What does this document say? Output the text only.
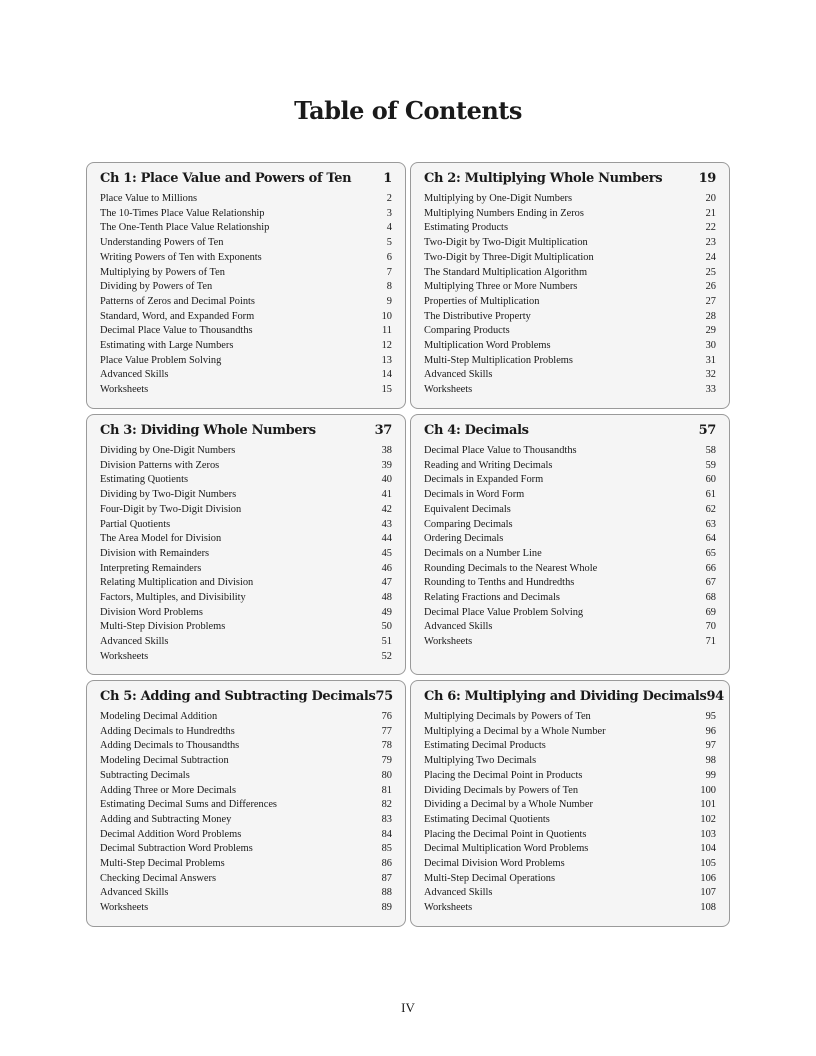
Table of Contents
Ch 1: Place Value and Powers of Ten 1
Place Value to Millions	2
The 10-Times Place Value Relationship	3
The One-Tenth Place Value Relationship	4
Understanding Powers of Ten	5
Writing Powers of Ten with Exponents	6
Multiplying by Powers of Ten	7
Dividing by Powers of Ten	8
Patterns of Zeros and Decimal Points	9
Standard, Word, and Expanded Form	10
Decimal Place Value to Thousandths	11
Estimating with Large Numbers	12
Place Value Problem Solving	13
Advanced Skills	14
Worksheets	15
Ch 2: Multiplying Whole Numbers	19
Multiplying by One-Digit Numbers	20
Multiplying Numbers Ending in Zeros	21
Estimating Products	22
Two-Digit by Two-Digit Multiplication	23
Two-Digit by Three-Digit Multiplication	24
The Standard Multiplication Algorithm	25
Multiplying Three or More Numbers	26
Properties of Multiplication	27
The Distributive Property	28
Comparing Products	29
Multiplication Word Problems	30
Multi-Step Multiplication Problems	31
Advanced Skills	32
Worksheets	33
Ch 3: Dividing Whole Numbers	37
Dividing by One-Digit Numbers	38
Division Patterns with Zeros	39
Estimating Quotients	40
Dividing by Two-Digit Numbers	41
Four-Digit by Two-Digit Division	42
Partial Quotients	43
The Area Model for Division	44
Division with Remainders	45
Interpreting Remainders	46
Relating Multiplication and Division	47
Factors, Multiples, and Divisibility	48
Division Word Problems	49
Multi-Step Division Problems	50
Advanced Skills	51
Worksheets	52
Ch 4: Decimals	57
Decimal Place Value to Thousandths	58
Reading and Writing Decimals	59
Decimals in Expanded Form	60
Decimals in Word Form	61
Equivalent Decimals	62
Comparing Decimals	63
Ordering Decimals	64
Decimals on a Number Line	65
Rounding Decimals to the Nearest Whole	66
Rounding to Tenths and Hundredths	67
Relating Fractions and Decimals	68
Decimal Place Value Problem Solving	69
Advanced Skills	70
Worksheets	71
Ch 5: Adding and Subtracting Decimals 75
Modeling Decimal Addition	76
Adding Decimals to Hundredths	77
Adding Decimals to Thousandths	78
Modeling Decimal Subtraction	79
Subtracting Decimals	80
Adding Three or More Decimals	81
Estimating Decimal Sums and Differences	82
Adding and Subtracting Money	83
Decimal Addition Word Problems	84
Decimal Subtraction Word Problems	85
Multi-Step Decimal Problems	86
Checking Decimal Answers	87
Advanced Skills	88
Worksheets	89
Ch 6: Multiplying and Dividing Decimals 94
Multiplying Decimals by Powers of Ten	95
Multiplying a Decimal by a Whole Number	96
Estimating Decimal Products	97
Multiplying Two Decimals	98
Placing the Decimal Point in Products	99
Dividing Decimals by Powers of Ten	100
Dividing a Decimal by a Whole Number	101
Estimating Decimal Quotients	102
Placing the Decimal Point in Quotients	103
Decimal Multiplication Word Problems	104
Decimal Division Word Problems	105
Multi-Step Decimal Operations	106
Advanced Skills	107
Worksheets	108
IV
